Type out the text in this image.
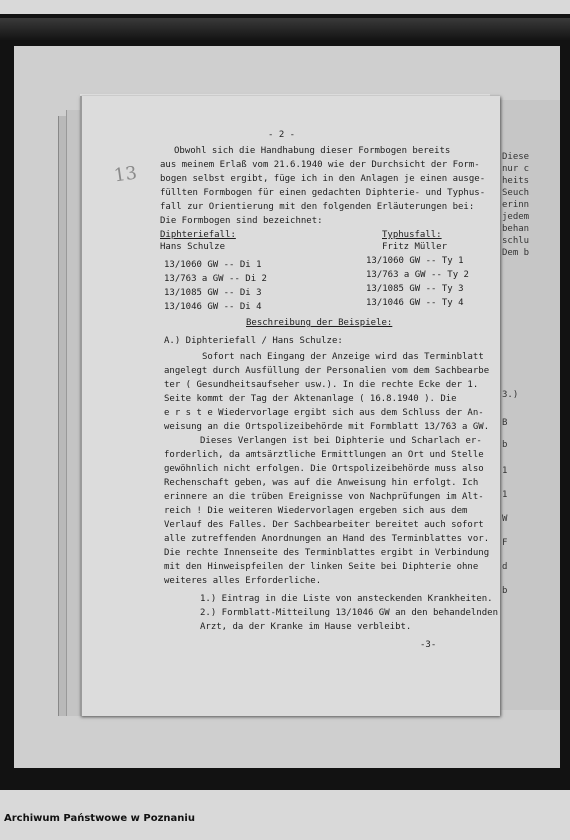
Diese
nur c
heits
Seuch
erinn
jedem
behan
schlu
Dem b
3.)
B
b
1
1
W
F
d
b
13
- 2 -
Obwohl sich die Handhabung dieser Formbogen bereits
aus meinem Erlaß vom 21.6.1940 wie der Durchsicht der Form-
bogen selbst ergibt, füge ich in den Anlagen je einen ausge-
füllten Formbogen für einen gedachten Diphterie- und Typhus-
fall zur Orientierung mit den folgenden Erläuterungen bei:
Die Formbogen sind bezeichnet:
Diphteriefall:
Hans Schulze
Typhusfall:
Fritz Müller
13/1060 GW -- Di 1
13/763 a GW -- Di 2
13/1085 GW -- Di 3
13/1046 GW -- Di 4
13/1060 GW -- Ty 1
13/763 a GW -- Ty 2
13/1085 GW -- Ty 3
13/1046 GW -- Ty 4
Beschreibung der Beispiele:
A.) Diphteriefall / Hans Schulze:
Sofort nach Eingang der Anzeige wird das Terminblatt
angelegt durch Ausfüllung der Personalien vom dem Sachbearbe
ter ( Gesundheitsaufseher usw.). In die rechte Ecke der 1.
Seite kommt der Tag der Aktenanlage ( 16.8.1940 ). Die
e r s t e Wiedervorlage ergibt sich aus dem Schluss der An-
weisung an die Ortspolizeibehörde mit Formblatt 13/763 a GW.
Dieses Verlangen ist bei Diphterie und Scharlach er-
forderlich, da amtsärztliche Ermittlungen an Ort und Stelle
gewöhnlich nicht erfolgen. Die Ortspolizeibehörde muss also
Rechenschaft geben, was auf die Anweisung hin erfolgt. Ich
erinnere an die trüben Ereignisse von Nachprüfungen im Alt-
reich ! Die weiteren Wiedervorlagen ergeben sich aus dem
Verlauf des Falles. Der Sachbearbeiter bereitet auch sofort
alle zutreffenden Anordnungen an Hand des Terminblattes vor.
Die rechte Innenseite des Terminblattes ergibt in Verbindung
mit den Hinweispfeilen der linken Seite bei Diphterie ohne
weiteres alles Erforderliche.
1.) Eintrag in die Liste von ansteckenden Krankheiten.
2.) Formblatt-Mitteilung 13/1046 GW an den behandelnden
Arzt, da der Kranke im Hause verbleibt.
-3-
Archiwum Państwowe w Poznaniu
